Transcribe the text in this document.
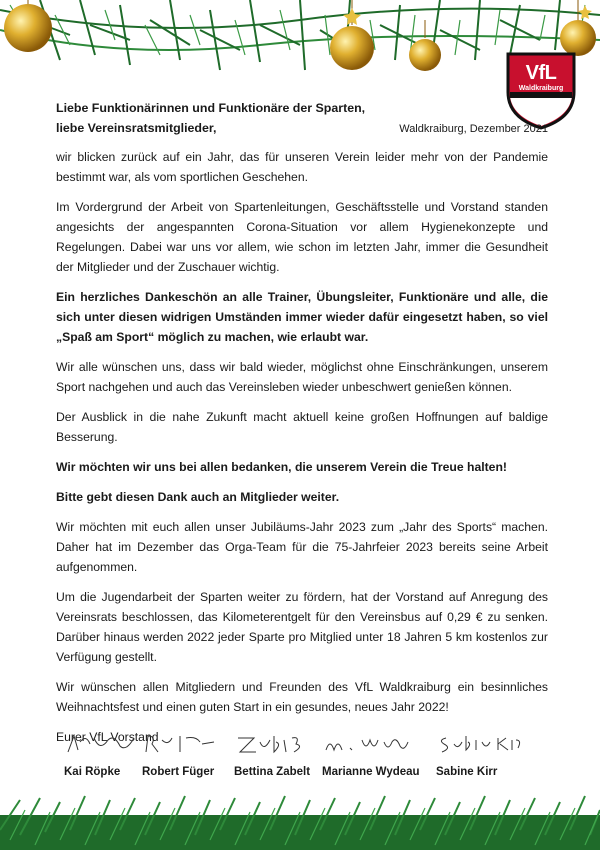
VfL
Waldkraiburg
Liebe Funktionärinnen und Funktionäre der Sparten,
liebe Vereinsratsmitglieder,	Waldkraiburg, Dezember 2021

wir blicken zurück auf ein Jahr, das für unseren Verein leider mehr von der Pandemie bestimmt war, als vom sportlichen Geschehen.

Im Vordergrund der Arbeit von Spartenleitungen, Geschäftsstelle und Vorstand standen angesichts der angespannten Corona-Situation vor allem Hygienekonzepte und Regelungen. Dabei war uns vor allem, wie schon im letzten Jahr, immer die Gesundheit der Mitglieder und der Zuschauer wichtig.

Ein herzliches Dankeschön an alle Trainer, Übungsleiter, Funktionäre und alle, die sich unter diesen widrigen Umständen immer wieder dafür eingesetzt haben, so viel „Spaß am Sport“ möglich zu machen, wie erlaubt war.

Wir alle wünschen uns, dass wir bald wieder, möglichst ohne Einschränkungen, unserem Sport nachgehen und auch das Vereinsleben wieder unbeschwert genießen können.

Der Ausblick in die nahe Zukunft macht aktuell keine großen Hoffnungen auf baldige Besserung.

Wir möchten wir uns bei allen bedanken, die unserem Verein die Treue halten!

Bitte gebt diesen Dank auch an Mitglieder weiter.

Wir möchten mit euch allen unser Jubiläums-Jahr 2023 zum „Jahr des Sports“ machen. Daher hat im Dezember das Orga-Team für die 75-Jahrfeier 2023 bereits seine Arbeit aufgenommen.

Um die Jugendarbeit der Sparten weiter zu fördern, hat der Vorstand auf Anregung des Vereinsrats beschlossen, das Kilometerentgelt für den Vereinsbus auf 0,29 € zu senken. Darüber hinaus werden 2022 jeder Sparte pro Mitglied unter 18 Jahren 5 km kostenlos zur Verfügung gestellt.

Wir wünschen allen Mitgliedern und Freunden des VfL Waldkraiburg ein besinnliches Weihnachtsfest und einen guten Start in ein gesundes, neues Jahr 2022!

Eurer VfL Vorstand
Kai Röpke Robert Füger Bettina Zabelt Marianne Wydeau Sabine Kirr
